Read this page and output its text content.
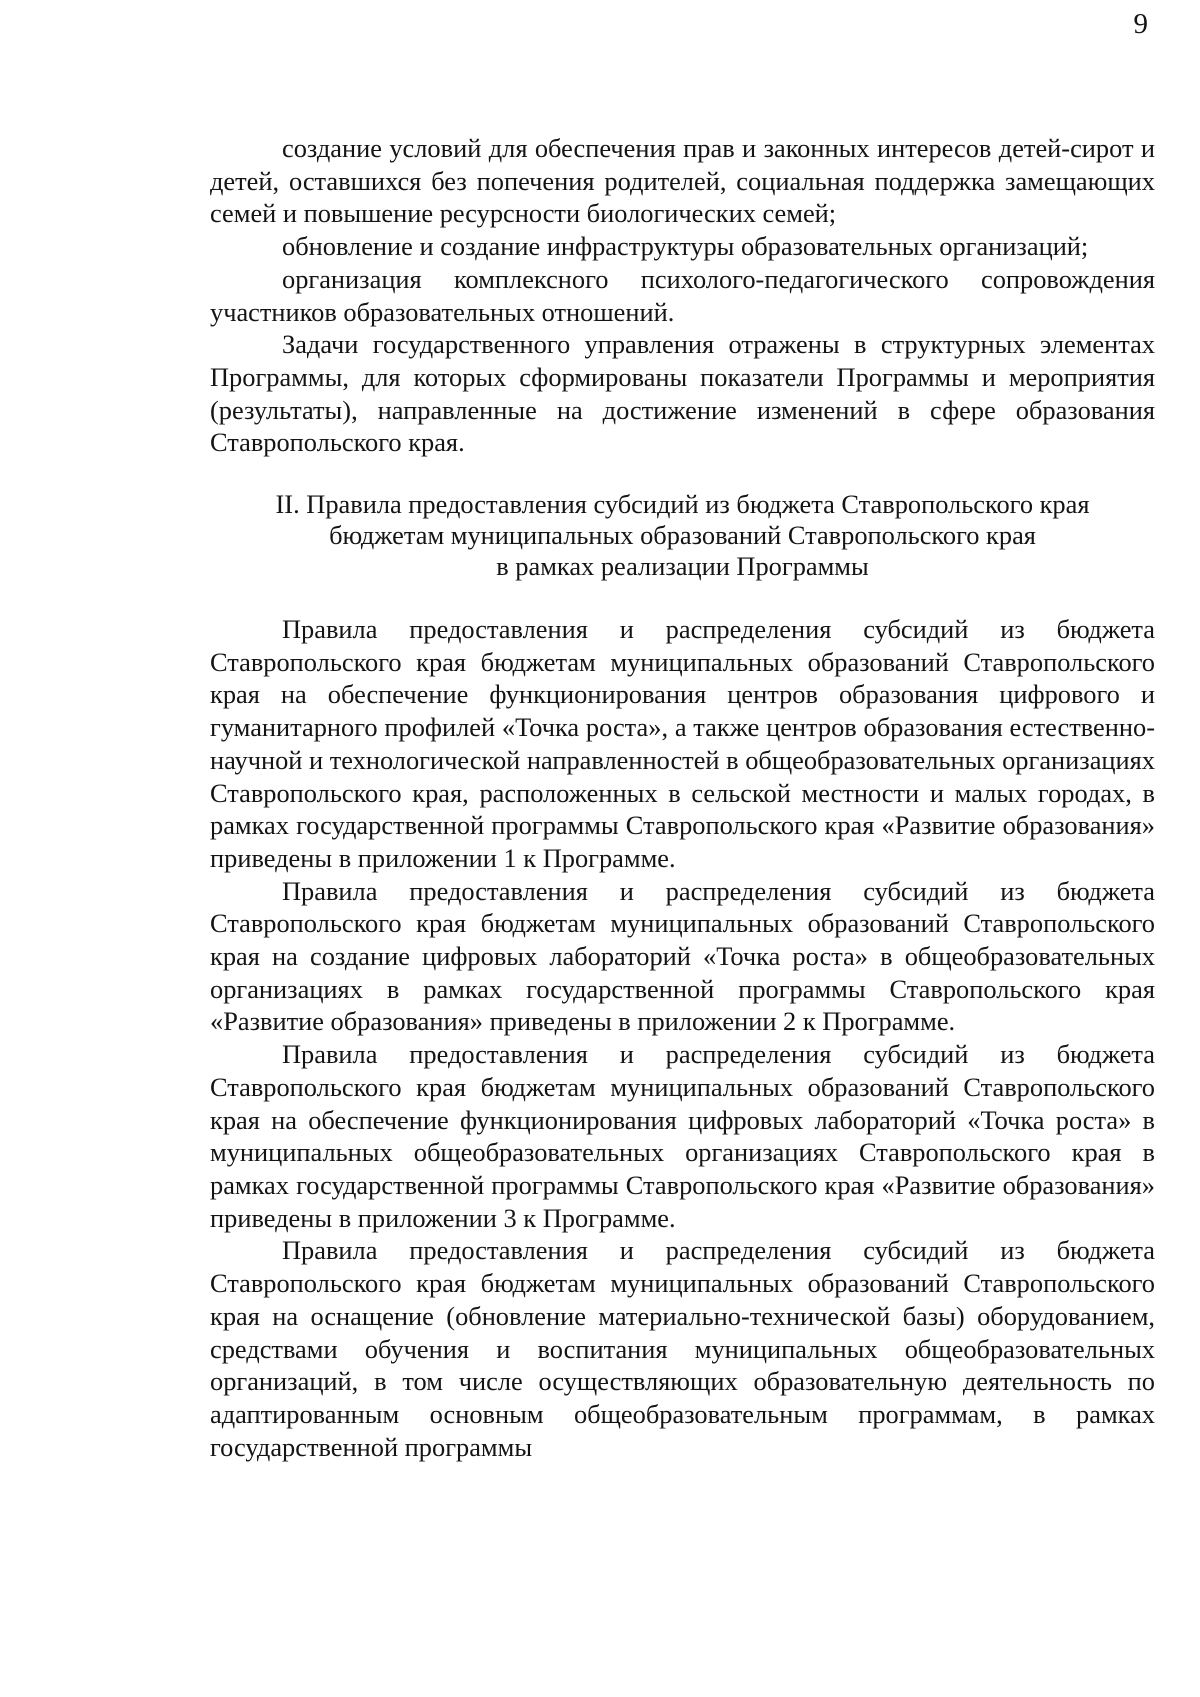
9

создание условий для обеспечения прав и законных интересов детей-сирот и детей, оставшихся без попечения родителей, социальная поддержка замещающих семей и повышение ресурсности биологических семей;

обновление и создание инфраструктуры образовательных организаций;

организация комплексного психолого-педагогического сопровождения участников образовательных отношений.

Задачи государственного управления отражены в структурных элементах Программы, для которых сформированы показатели Программы и мероприятия (результаты), направленные на достижение изменений в сфере образования Ставропольского края.

II. Правила предоставления субсидий из бюджета Ставропольского края
бюджетам муниципальных образований Ставропольского края
в рамках реализации Программы

Правила предоставления и распределения субсидий из бюджета Ставропольского края бюджетам муниципальных образований Ставропольского края на обеспечение функционирования центров образования цифрового и гуманитарного профилей «Точка роста», а также центров образования естественно-научной и технологической направленностей в общеобразовательных организациях Ставропольского края, расположенных в сельской местности и малых городах, в рамках государственной программы Ставропольского края «Развитие образования» приведены в приложении 1 к Программе.

Правила предоставления и распределения субсидий из бюджета Ставропольского края бюджетам муниципальных образований Ставропольского края на создание цифровых лабораторий «Точка роста» в общеобразовательных организациях в рамках государственной программы Ставропольского края «Развитие образования» приведены в приложении 2 к Программе.

Правила предоставления и распределения субсидий из бюджета Ставропольского края бюджетам муниципальных образований Ставропольского края на обеспечение функционирования цифровых лабораторий «Точка роста» в муниципальных общеобразовательных организациях Ставропольского края в рамках государственной программы Ставропольского края «Развитие образования» приведены в приложении 3 к Программе.

Правила предоставления и распределения субсидий из бюджета Ставропольского края бюджетам муниципальных образований Ставропольского края на оснащение (обновление материально-технической базы) оборудованием, средствами обучения и воспитания муниципальных общеобразовательных организаций, в том числе осуществляющих образовательную деятельность по адаптированным основным общеобразовательным программам, в рамках государственной программы
